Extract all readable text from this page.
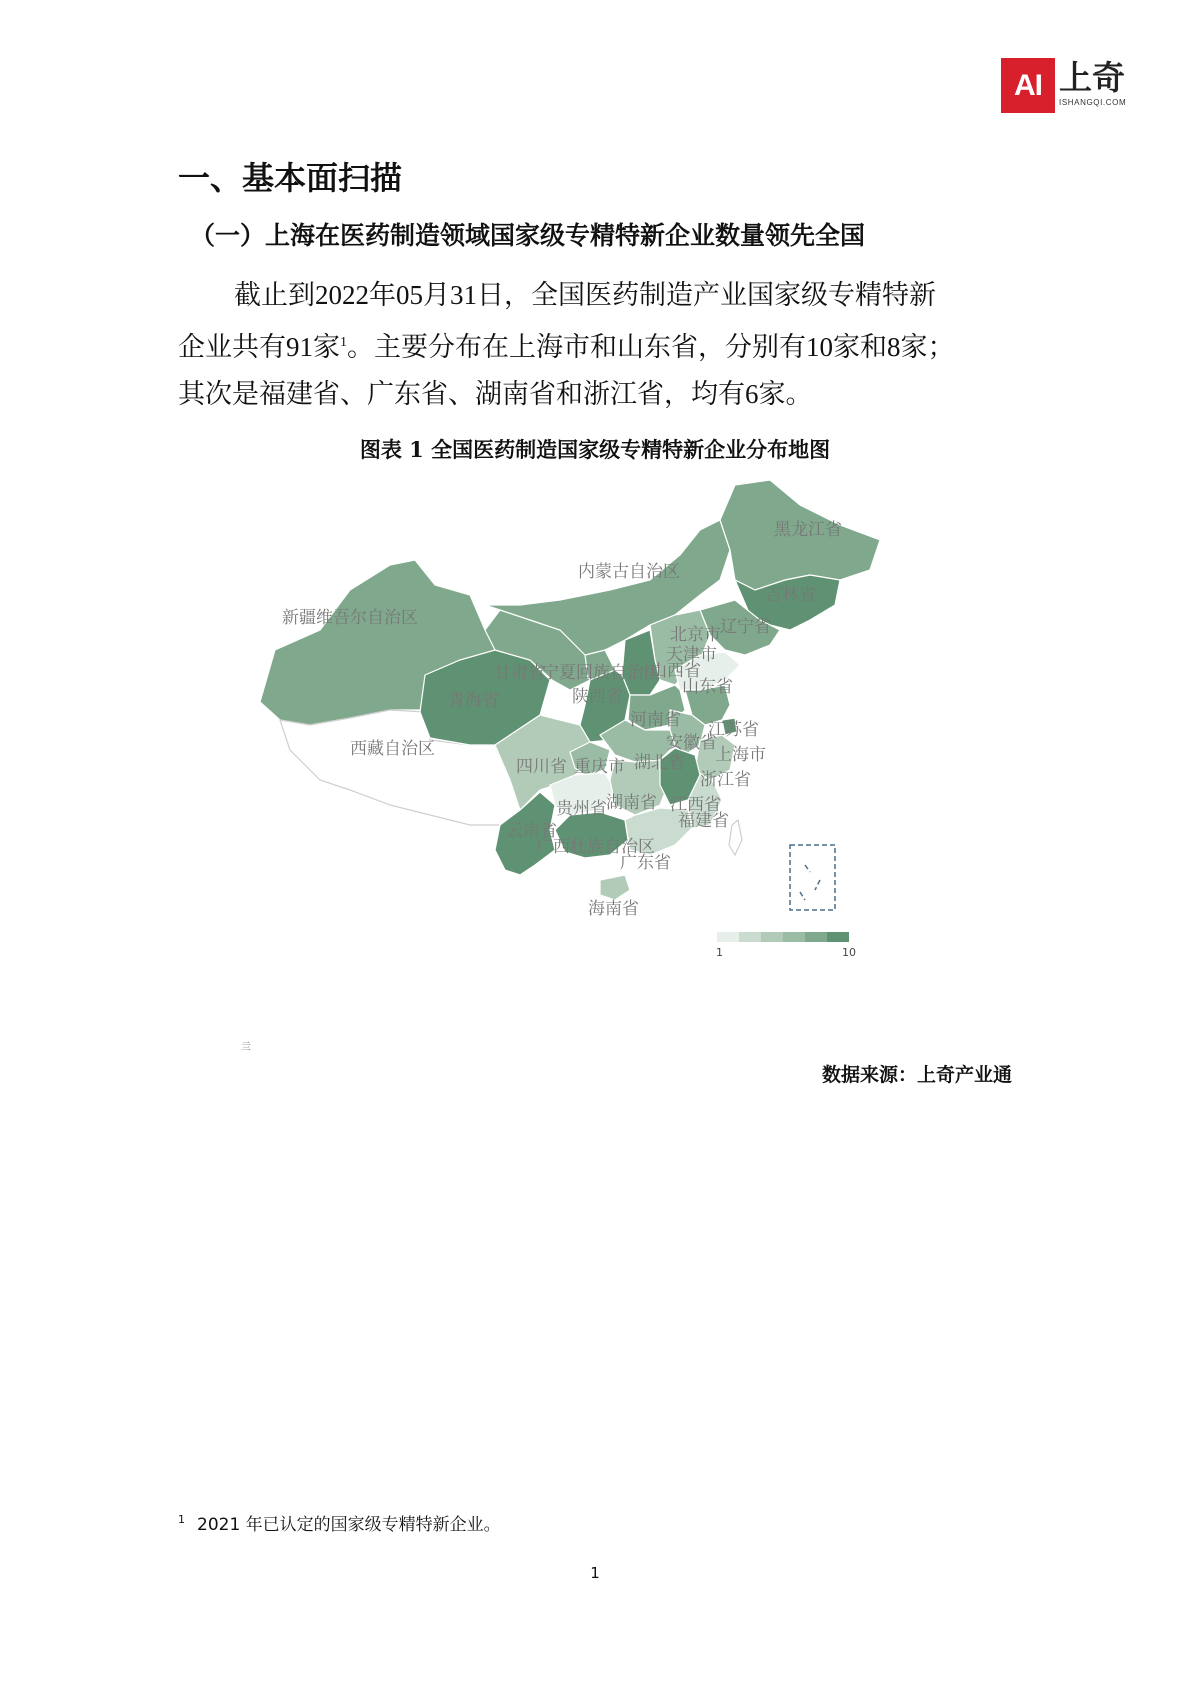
AI 上奇
ISHANGQI.COM
一、基本面扫描
（一）上海在医药制造领域国家级专精特新企业数量领先全国
截止到2022年05月31日，全国医药制造产业国家级专精特新
企业共有91家$^1$。主要分布在上海市和山东省，分别有10家和8家；
其次是福建省、广东省、湖南省和浙江省，均有6家。
图表 1 全国医药制造国家级专精特新企业分布地图
1	10
黑龙江省
内蒙古自治区
吉林省
新疆维吾尔自治区	辽宁省
北京市
天津市
山西省
甘肃省
宁夏回族自治区
青海省	陕西省	山东省
河南省 江苏省
安徽省
上海市
西藏自治区
四川省 重庆市 湖北省
浙江省
贵州省 湖南省 江西省
福建省
云南省
广西壮族自治区
广东省
海南省
亖
数据来源：上奇产业通
$^1$ 2021 年已认定的国家级专精特新企业。
1
